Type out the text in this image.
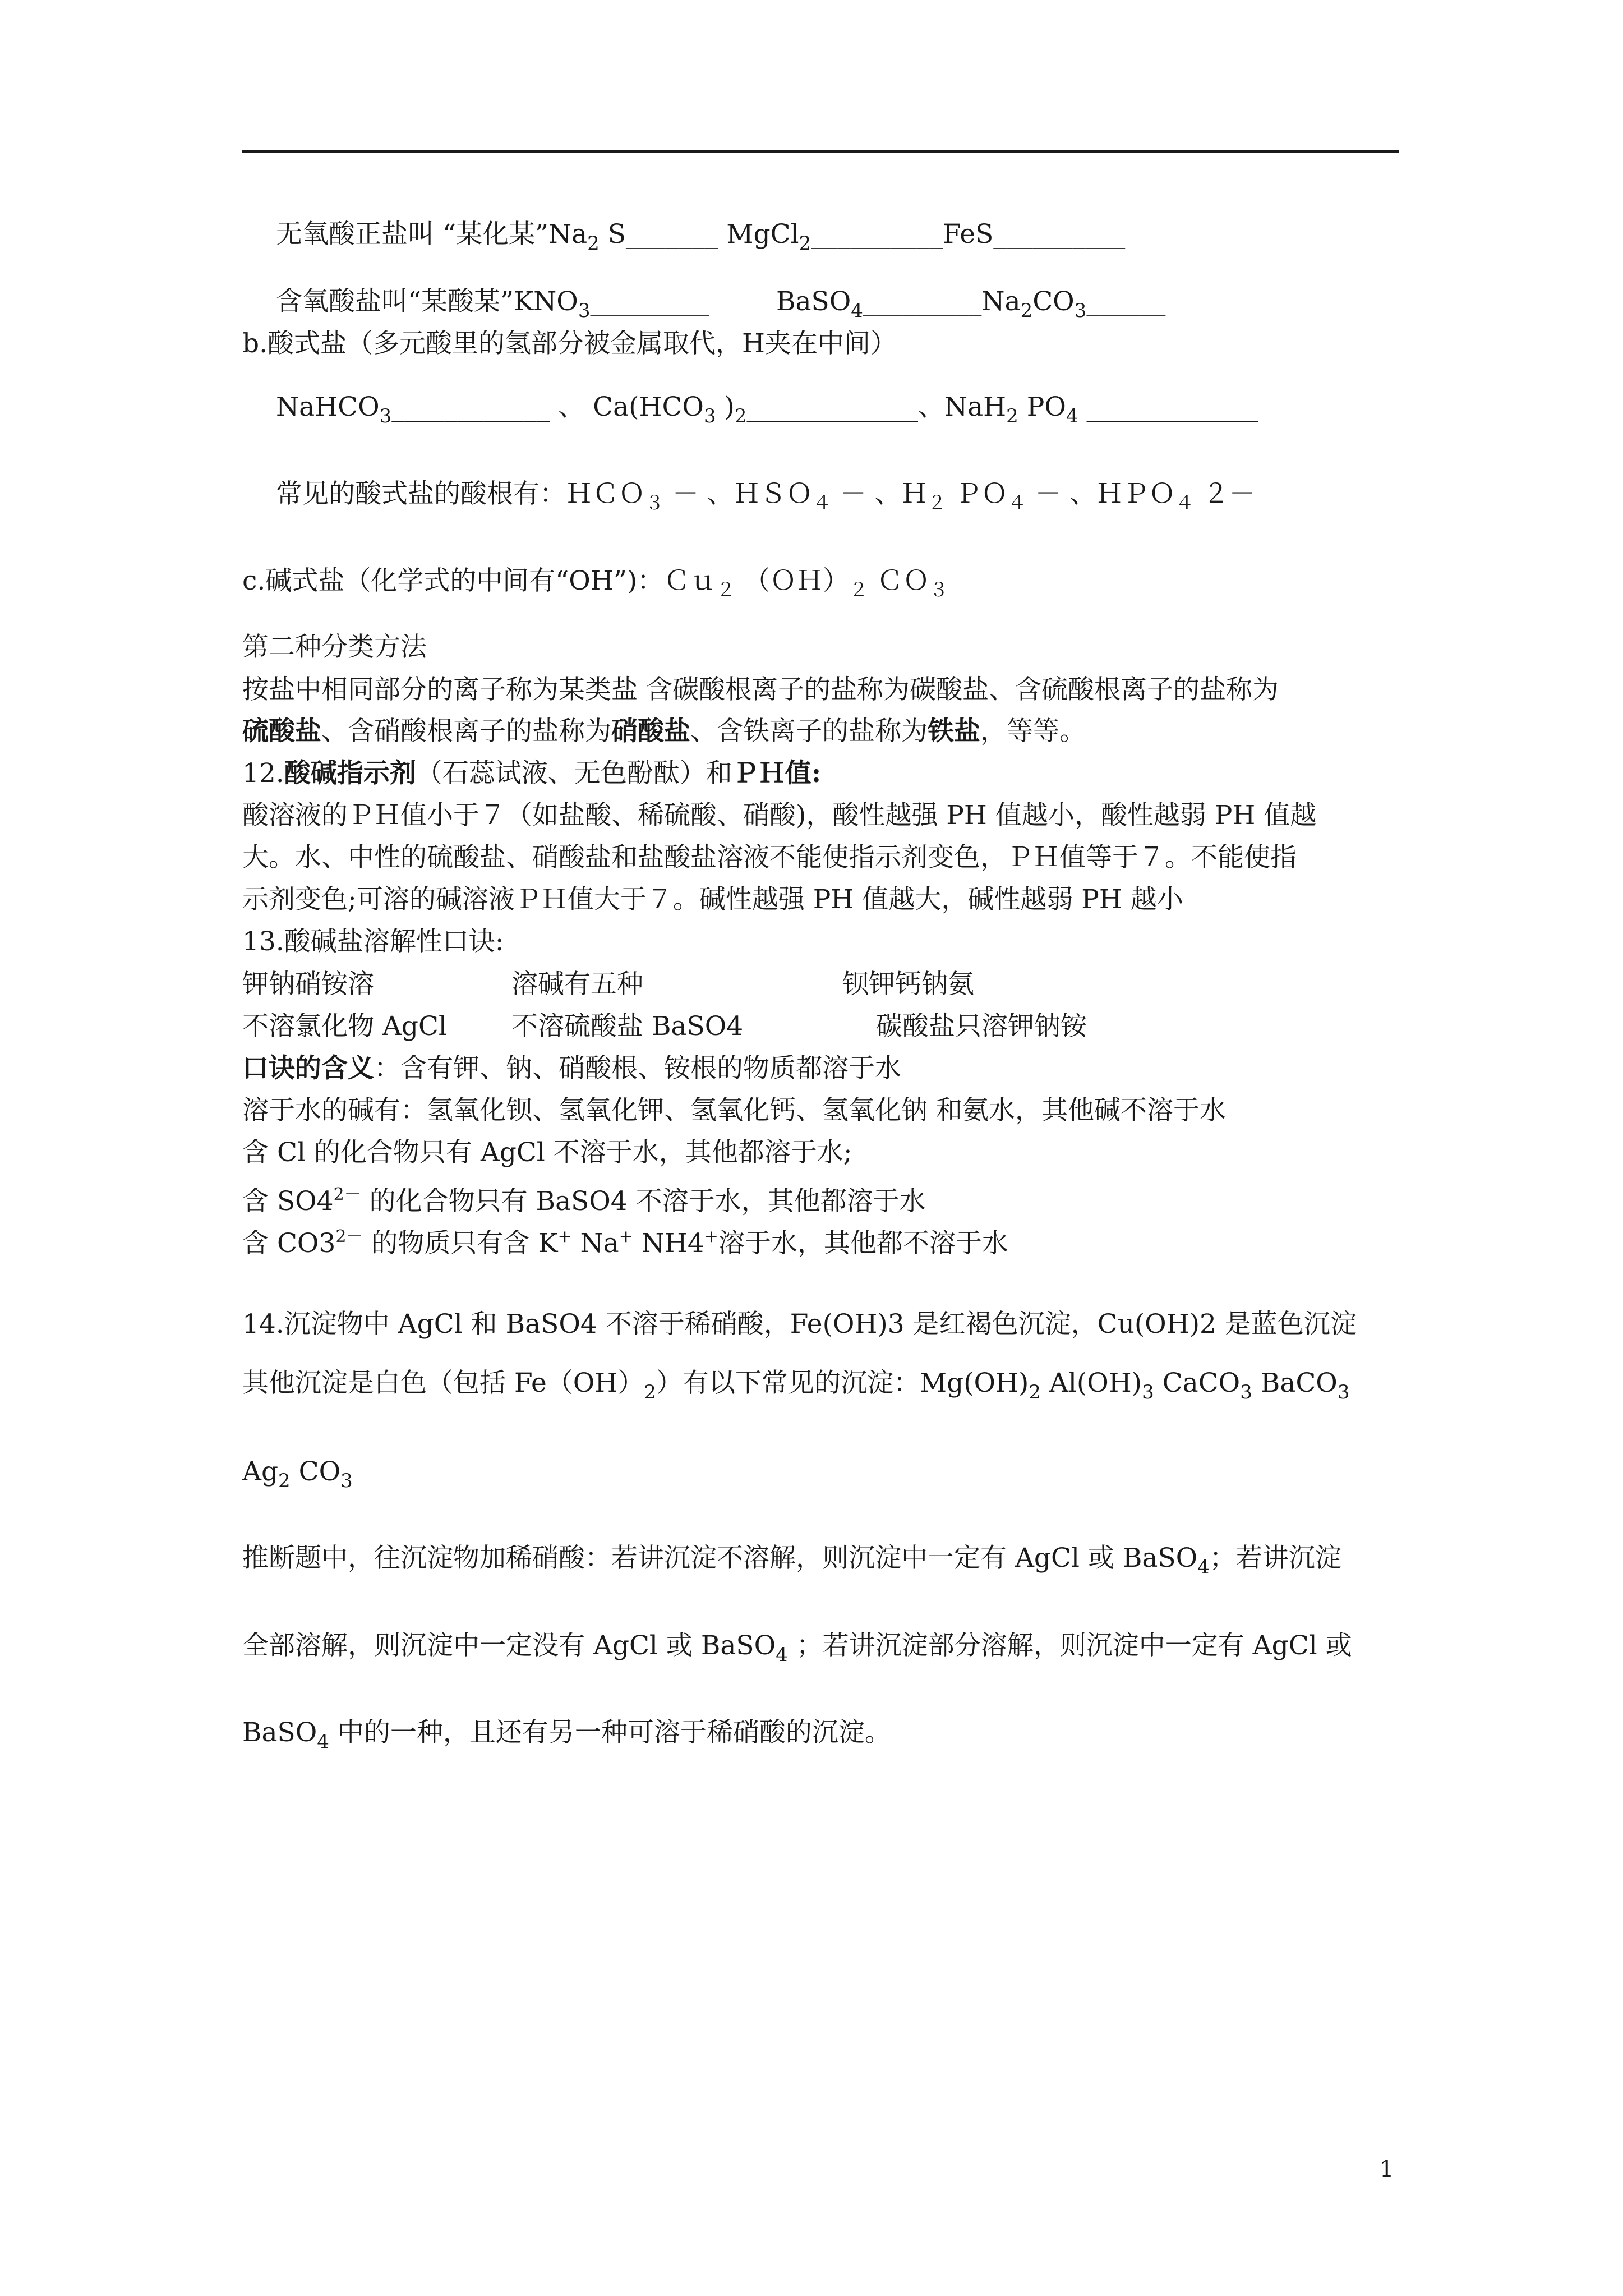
无氧酸正盐叫 “某化某$”Na_2$ S_______ MgCl$_2$__________FeS__________
含氧酸盐叫“某酸某$”KNO_3\_\_\_\_\_\_\_\_\_$	$BaSO_4\_\_\_\_\_\_\_\_\_Na_2CO_3\_\_\_\_\_\_$
b.酸式盐（多元酸里的氢部分被金属取代，H夹在中间）
NaHCO$_3$____________ 、 $Ca(HCO_3$ )$_2\_\_\_\_\_\_\_\_\_\_\_\_\_$、NaH$_2$ $PO_4$ _____________
常见的酸式盐的酸根有：ＨＣＯ$_3$ － 、ＨＳＯ$_4$ － 、Ｈ$_2$ ＰＯ$_4$ － 、ＨＰＯ$_4$ ２－
c.碱式盐（化学式的中间有“OH”)：Ｃｕ$_2$ $(OH)_2$ ＣＯ$_3$
第二种分类方法
按盐中相同部分的离子称为某类盐 含碳酸根离子的盐称为碳酸盐、含硫酸根离子的盐称为
硫酸盐、含硝酸根离子的盐称为硝酸盐、含铁离子的盐称为铁盐，等等。
12.酸碱指示剂（石蕊试液、无色酚酞）和ＰＨ值:
酸溶液的ＰＨ值小于７（如盐酸、稀硫酸、硝酸)，酸性越强 PH 值越小，酸性越弱 PH 值越
大。水、中性的硫酸盐、硝酸盐和盐酸盐溶液不能使指示剂变色，ＰＨ值等于７。不能使指
示剂变色;可溶的碱溶液ＰＨ值大于７。碱性越强 PH 值越大，碱性越弱 PH 越小
13.酸碱盐溶解性口诀:
钾钠硝铵溶	溶碱有五种	钡钾钙钠氨
不溶氯化物 AgCl 不溶硫酸盐 BaSO4	碳酸盐只溶钾钠铵
口诀的含义：含有钾、钠、硝酸根、铵根的物质都溶于水
溶于水的碱有：氢氧化钡、氢氧化钾、氢氧化钙、氢氧化钠 和氨水，其他碱不溶于水
含 Cl 的化合物只有 AgCl 不溶于水，其他都溶于水;
含 $SO4^{2-}$ 的化合物只有 BaSO4 不溶于水，其他都溶于水
含 $CO3^{2-}$ 的物质只有含 K+ Na+ NH4+溶于水，其他都不溶于水
14.沉淀物中 AgCl 和 BaSO4 不溶于稀硝酸，Fe(OH)3 是红褐色沉淀，Cu(OH)2 是蓝色沉淀
其他沉淀是白色（包括 $Fe(OH)_2$）有以下常见的沉淀：$Mg(OH)_2$ $Al(OH)_3$ CaCO$_3$ BaCO$_3$
$Ag_2$ $CO_3$
推断题中，往沉淀物加稀硝酸：若讲沉淀不溶解，则沉淀中一定有 AgCl 或 BaSO$_4$；若讲沉淀
全部溶解，则沉淀中一定没有 AgCl 或 BaSO$_4$ ；若讲沉淀部分溶解，则沉淀中一定有 AgCl 或
BaSO$_4$ 中的一种，且还有另一种可溶于稀硝酸的沉淀。
1
